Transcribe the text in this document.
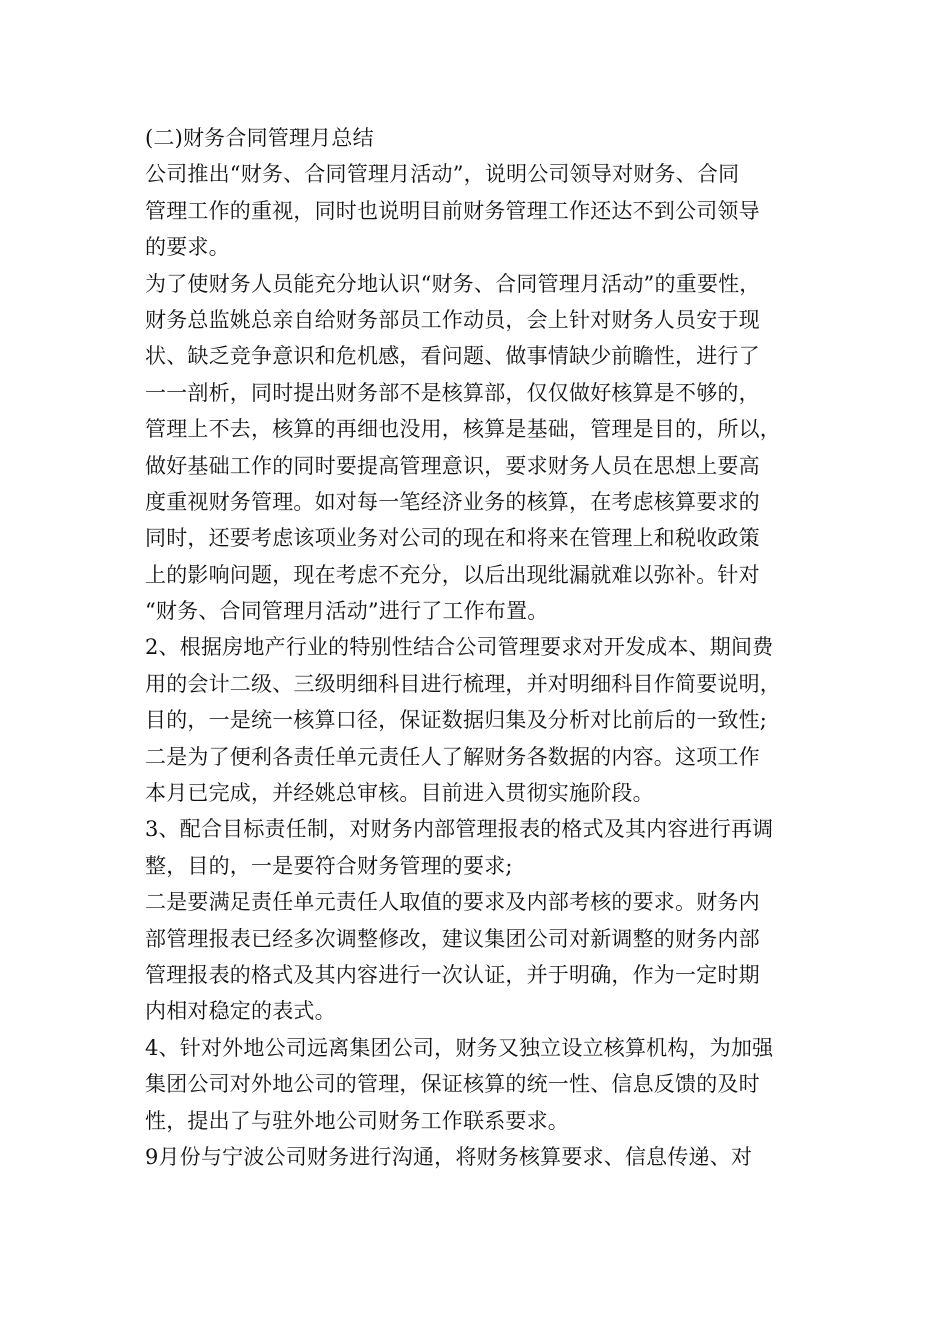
(二)财务合同管理月总结
公司推出“财务、合同管理月活动”，说明公司领导对财务、合同
管理工作的重视，同时也说明目前财务管理工作还达不到公司领导
的要求。
为了使财务人员能充分地认识“财务、合同管理月活动”的重要性，
财务总监姚总亲自给财务部员工作动员，会上针对财务人员安于现
状、缺乏竞争意识和危机感，看问题、做事情缺少前瞻性，进行了
一一剖析，同时提出财务部不是核算部，仅仅做好核算是不够的，
管理上不去，核算的再细也没用，核算是基础，管理是目的，所以，
做好基础工作的同时要提高管理意识，要求财务人员在思想上要高
度重视财务管理。如对每一笔经济业务的核算，在考虑核算要求的
同时，还要考虑该项业务对公司的现在和将来在管理上和税收政策
上的影响问题，现在考虑不充分，以后出现纰漏就难以弥补。针对
“财务、合同管理月活动”进行了工作布置。
2、根据房地产行业的特别性结合公司管理要求对开发成本、期间费
用的会计二级、三级明细科目进行梳理，并对明细科目作简要说明，
目的，一是统一核算口径，保证数据归集及分析对比前后的一致性;
二是为了便利各责任单元责任人了解财务各数据的内容。这项工作
本月已完成，并经姚总审核。目前进入贯彻实施阶段。
3、配合目标责任制，对财务内部管理报表的格式及其内容进行再调
整，目的，一是要符合财务管理的要求;
二是要满足责任单元责任人取值的要求及内部考核的要求。财务内
部管理报表已经多次调整修改，建议集团公司对新调整的财务内部
管理报表的格式及其内容进行一次认证，并于明确，作为一定时期
内相对稳定的表式。
4、针对外地公司远离集团公司，财务又独立设立核算机构，为加强
集团公司对外地公司的管理，保证核算的统一性、信息反馈的及时
性，提出了与驻外地公司财务工作联系要求。
9月份与宁波公司财务进行沟通，将财务核算要求、信息传递、对
